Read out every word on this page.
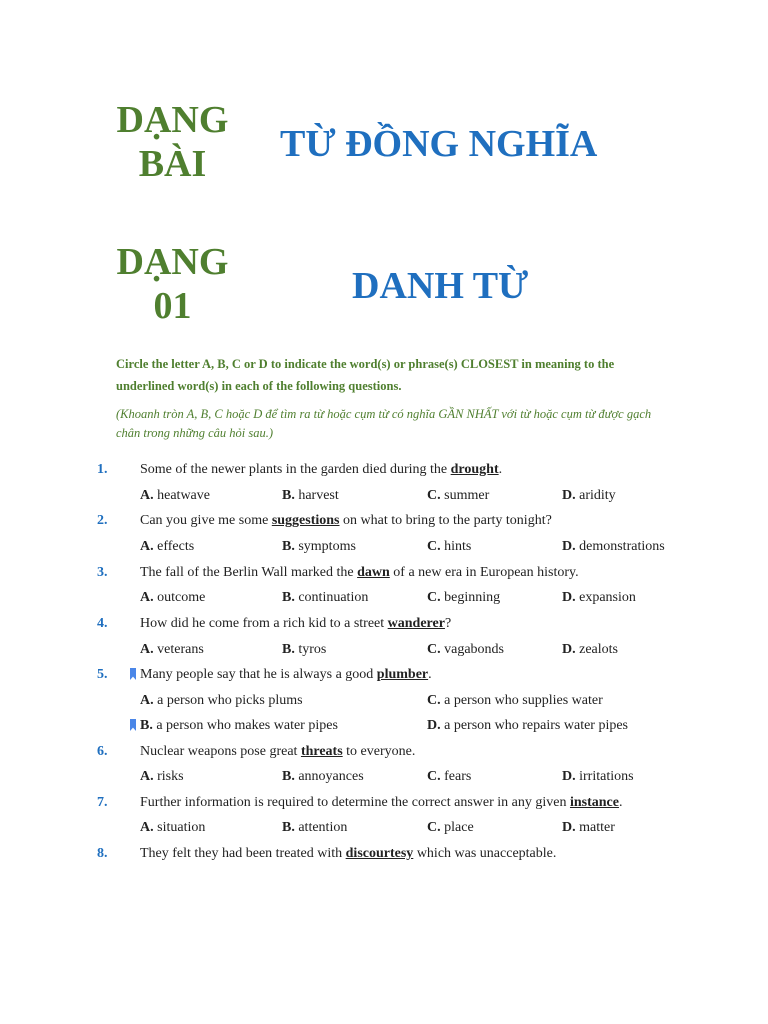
DẠNG BÀI	TỪ ĐỒNG NGHĨA
DẠNG 01	DANH TỪ
Circle the letter A, B, C or D to indicate the word(s) or phrase(s) CLOSEST in meaning to the underlined word(s) in each of the following questions.
(Khoanh tròn A, B, C hoặc D để tìm ra từ hoặc cụm từ có nghĩa GẦN NHẤT với từ hoặc cụm từ được gạch chân trong những câu hỏi sau.)
1. Some of the newer plants in the garden died during the drought.
A. heatwave	B. harvest	C. summer	D. aridity
2. Can you give me some suggestions on what to bring to the party tonight?
A. effects	B. symptoms	C. hints	D. demonstrations
3. The fall of the Berlin Wall marked the dawn of a new era in European history.
A. outcome	B. continuation	C. beginning	D. expansion
4. How did he come from a rich kid to a street wanderer?
A. veterans	B. tyros	C. vagabonds	D. zealots
5. Many people say that he is always a good plumber.
A. a person who picks plums	C. a person who supplies water
B. a person who makes water pipes	D. a person who repairs water pipes
6. Nuclear weapons pose great threats to everyone.
A. risks	B. annoyances	C. fears	D. irritations
7. Further information is required to determine the correct answer in any given instance.
A. situation	B. attention	C. place	D. matter
8. They felt they had been treated with discourtesy which was unacceptable.
